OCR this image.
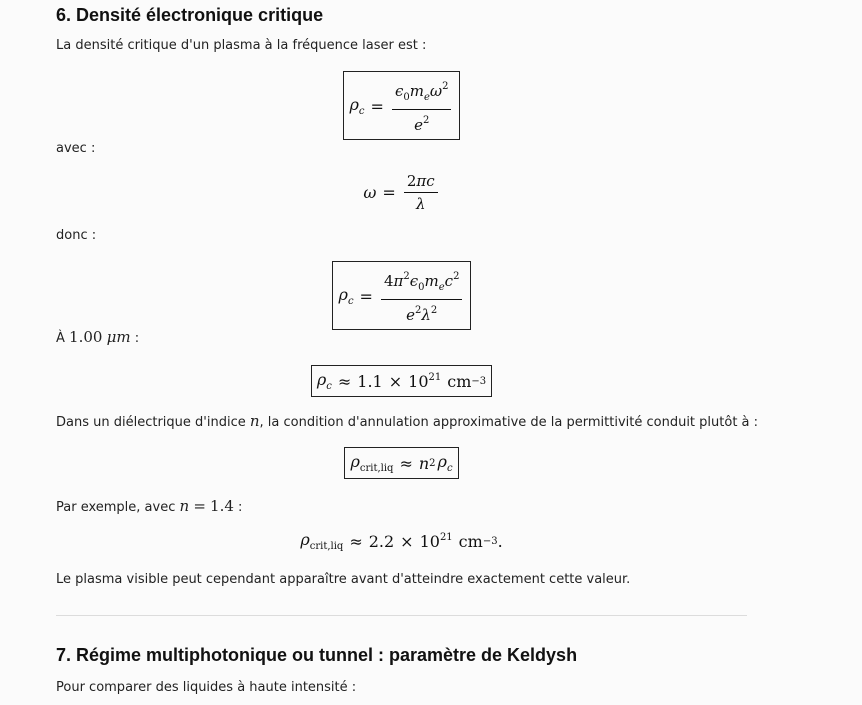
6. Densité électronique critique

La densité critique d'un plasma à la fréquence laser est :

$\rho_c = \frac{\epsilon_0m_e\omega^2}{e^2}$

avec :

$\omega = \frac{2\pi c}{\lambda}$

donc :

$\rho_c = \frac{4\pi^2\epsilon_0m_ec^2}{e^2\lambda^2}$

À 1.00 μm :

$\rho_c \approx 1.1 \times 10^{21}$ cm −3

Dans un diélectrique d'indice n, la condition d'annulation approximative de la permittivité conduit plutôt à :

$\rho_{crit,liq} \approx n$ 2 $\rho_c$

Par exemple, avec n = 1.4 :

$\rho_{crit,liq} \approx 2.2 \times 10^{21}$ cm −3 .

Le plasma visible peut cependant apparaître avant d'atteindre exactement cette valeur.

7. Régime multiphotonique ou tunnel : paramètre de Keldysh

Pour comparer des liquides à haute intensité :
